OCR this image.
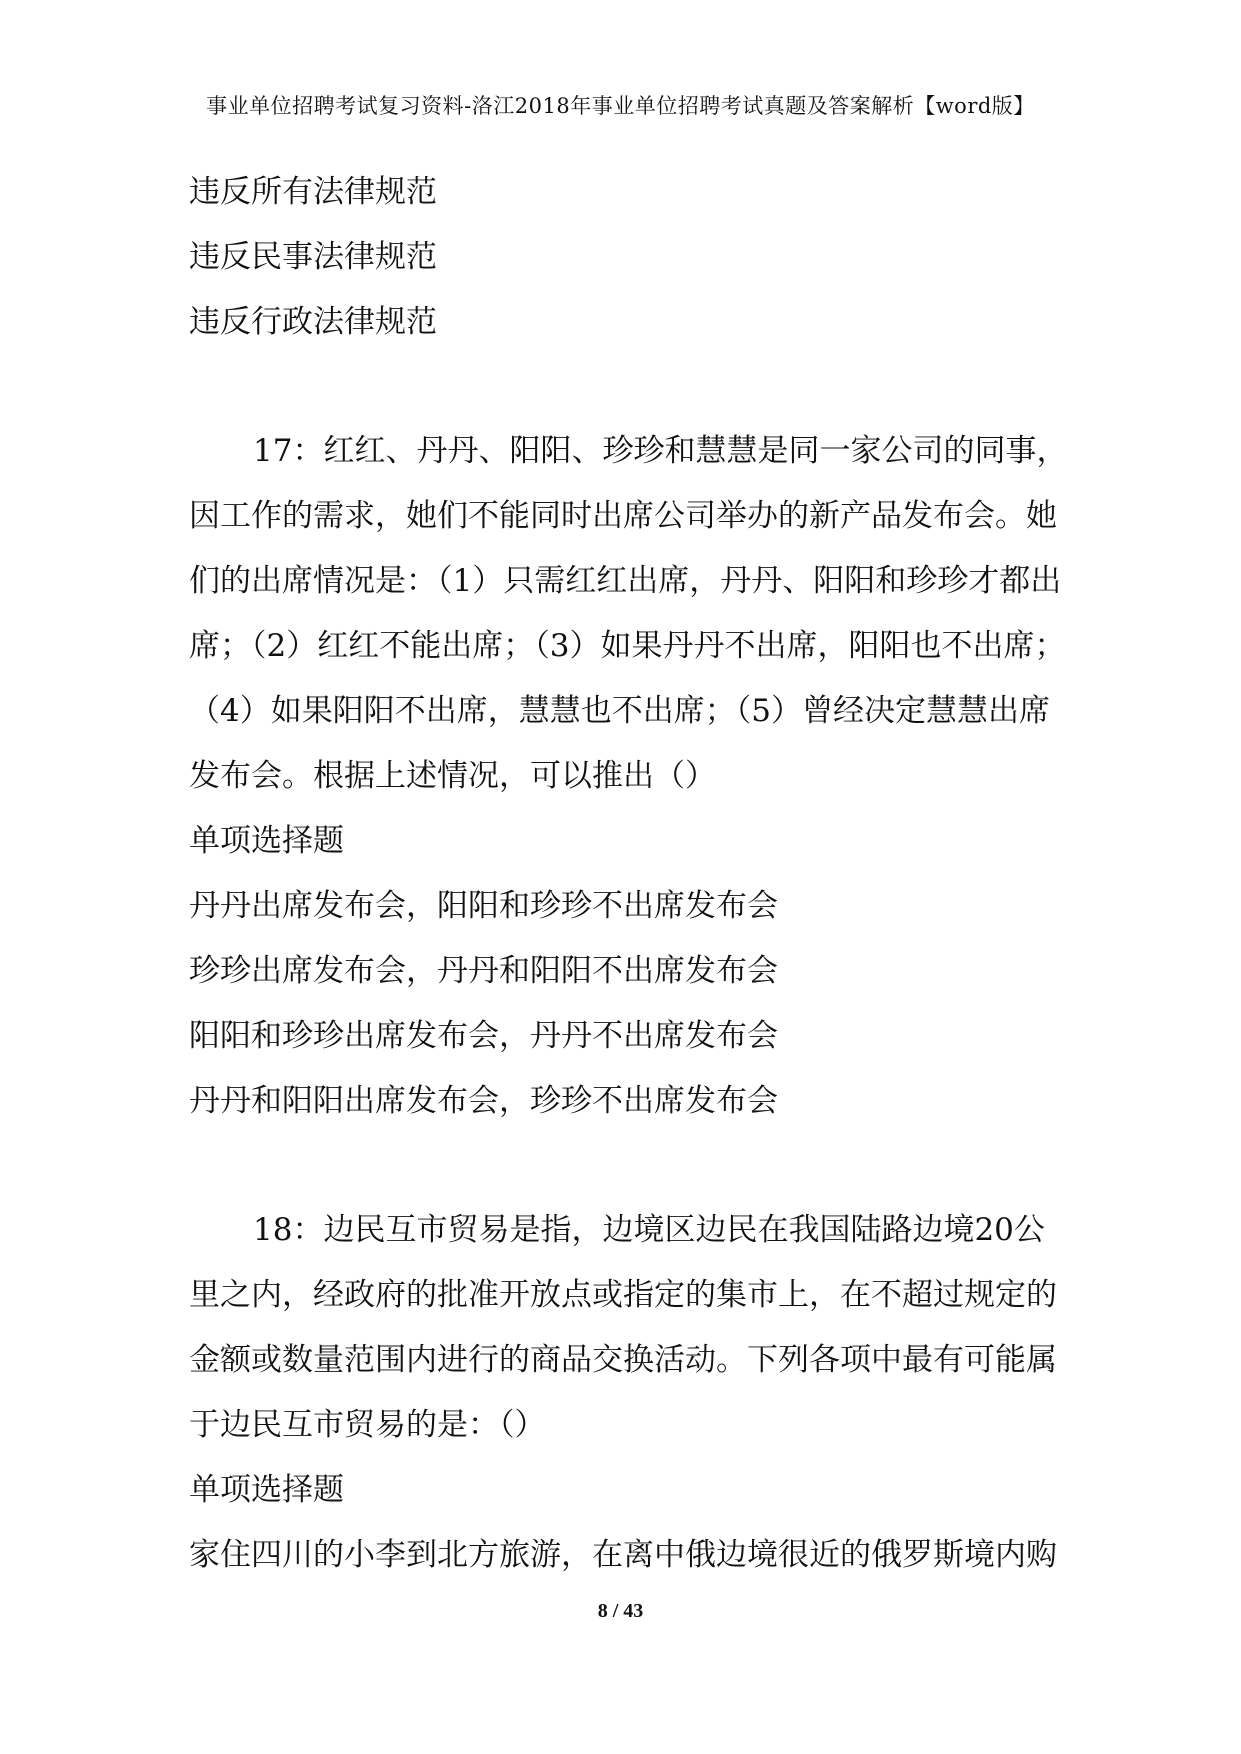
事业单位招聘考试复习资料-洛江2018年事业单位招聘考试真题及答案解析【word版】
违反所有法律规范
违反民事法律规范
违反行政法律规范
17：红红、丹丹、阳阳、珍珍和慧慧是同一家公司的同事，
因工作的需求，她们不能同时出席公司举办的新产品发布会。她
们的出席情况是：（1）只需红红出席，丹丹、阳阳和珍珍才都出
席；（2）红红不能出席；（3）如果丹丹不出席，阳阳也不出席；
（4）如果阳阳不出席，慧慧也不出席；（5）曾经决定慧慧出席
发布会。根据上述情况，可以推出（）
单项选择题
丹丹出席发布会，阳阳和珍珍不出席发布会
珍珍出席发布会，丹丹和阳阳不出席发布会
阳阳和珍珍出席发布会，丹丹不出席发布会
丹丹和阳阳出席发布会，珍珍不出席发布会
18：边民互市贸易是指，边境区边民在我国陆路边境20公
里之内，经政府的批准开放点或指定的集市上，在不超过规定的
金额或数量范围内进行的商品交换活动。下列各项中最有可能属
于边民互市贸易的是：（）
单项选择题
家住四川的小李到北方旅游，在离中俄边境很近的俄罗斯境内购
8 / 43
